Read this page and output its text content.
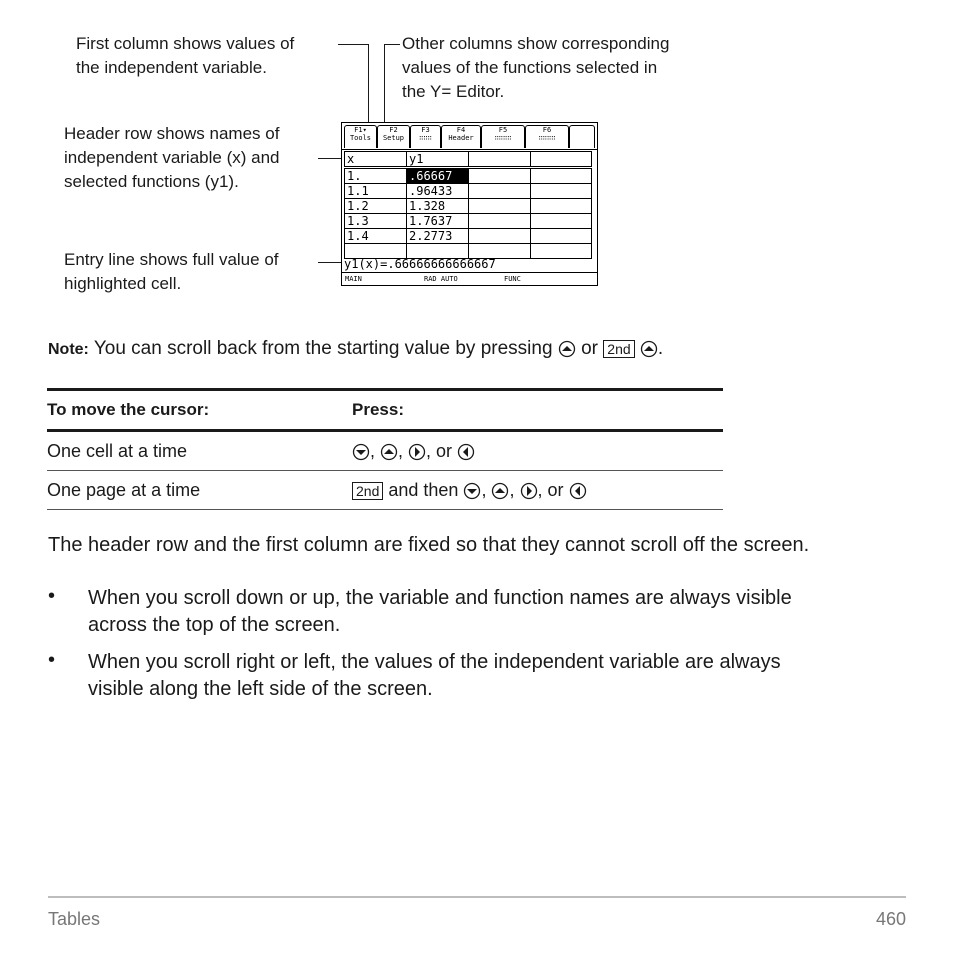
First column shows values of
the independent variable.
Other columns show corresponding
values of the functions selected in
the Y= Editor.
Header row shows names of
independent variable (x) and
selected functions (y1).
Entry line shows full value of
highlighted cell.
F1▾
Tools
F2
Setup
F3
∷∷∷
F4
Header
F5
∷∷∷∷
F6
∷∷∷∷
x	y1
1.	.66667
1.1	.96433
1.2	1.328
1.3	1.7637
1.4	2.2773
y1(x)=.66666666666667
MAIN	RAD AUTO	FUNC
Note: You can scroll back from the starting value by pressing or 2nd .
To move the cursor:	Press:
One cell at a time	, , , or
One page at a time	2nd and then , , , or
The header row and the first column are fixed so that they cannot scroll off the screen.
• When you scroll down or up, the variable and function names are always visible
across the top of the screen.
• When you scroll right or left, the values of the independent variable are always
visible along the left side of the screen.
Tables	460
